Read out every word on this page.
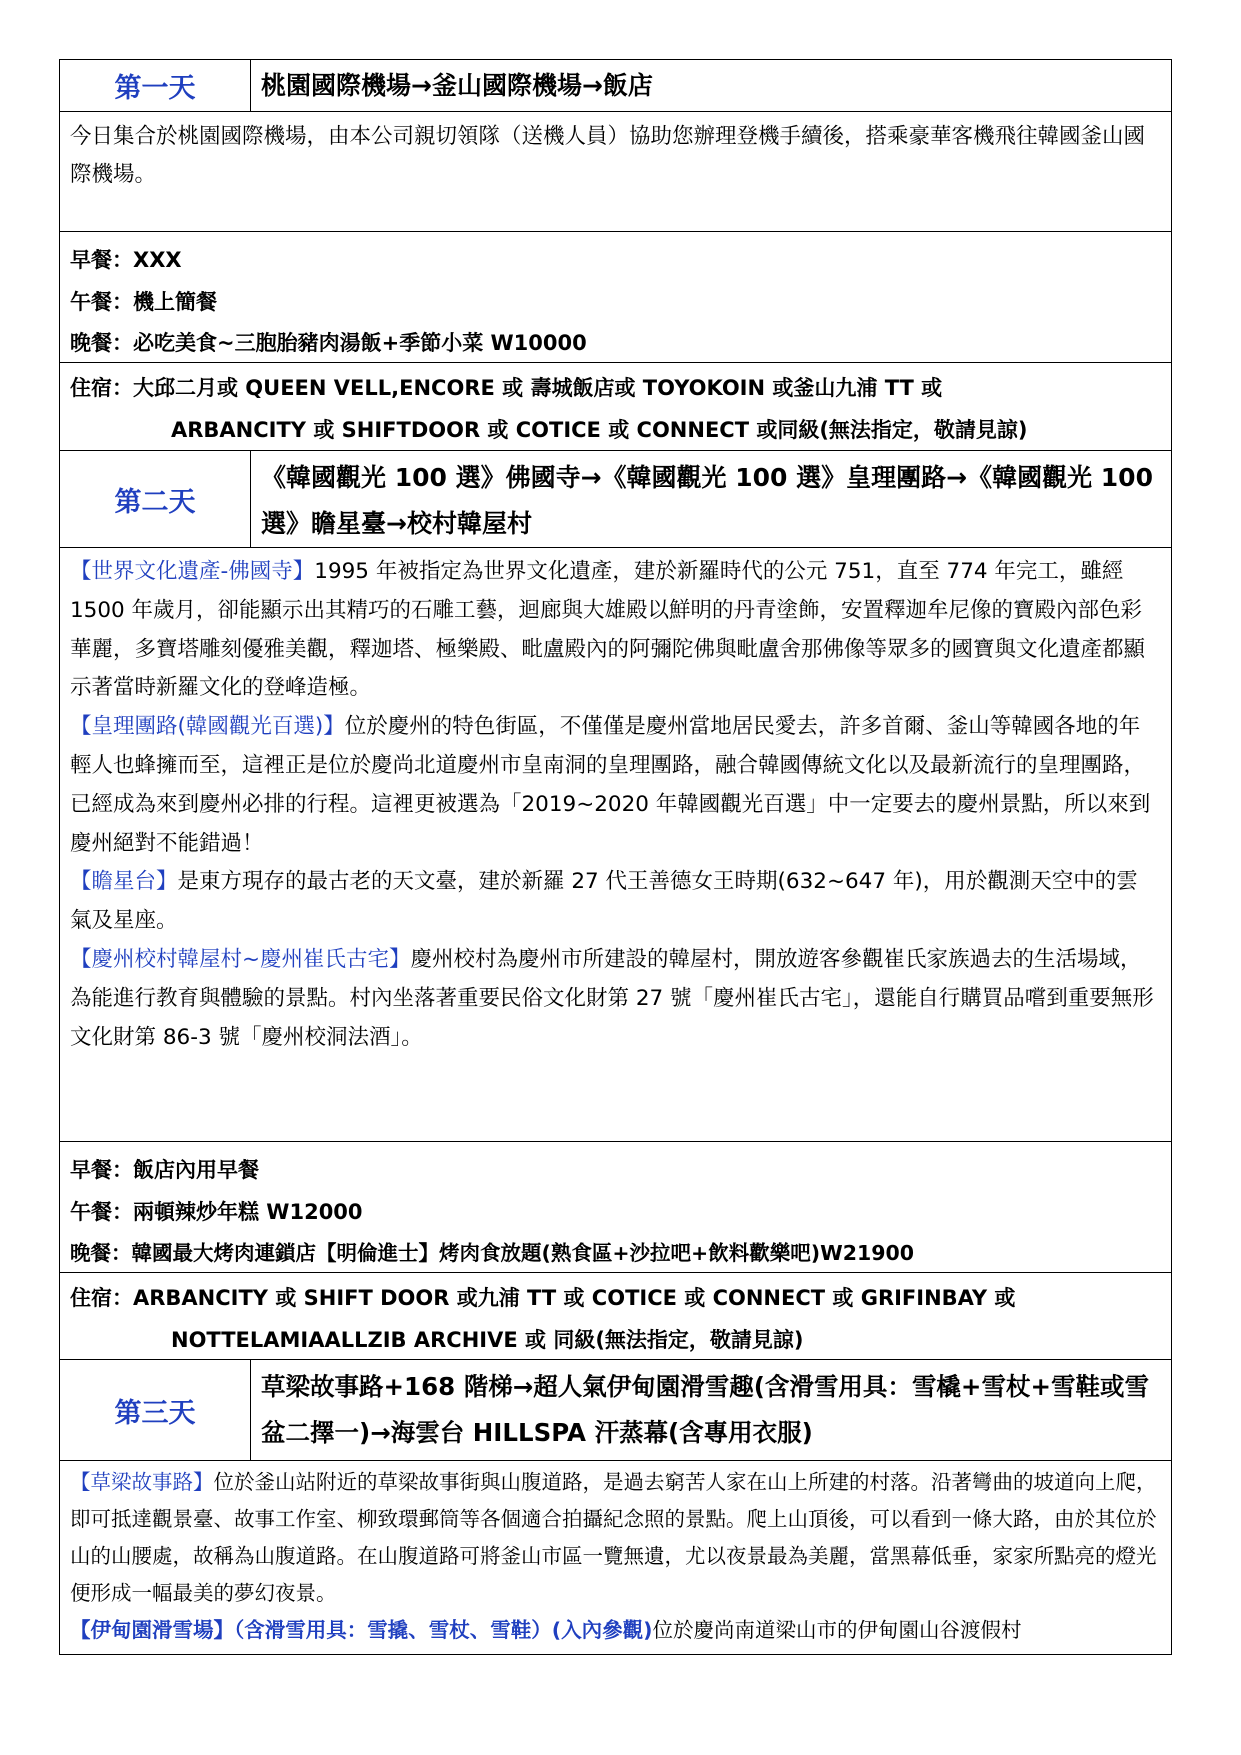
第一天	桃園國際機場→釜山國際機場→飯店

今日集合於桃園國際機場，由本公司親切領隊（送機人員）協助您辦理登機手續後，搭乘豪華客機飛往韓國釜山國際機場。

早餐：XXX
午餐：機上簡餐
晚餐：必吃美食~三胞胎豬肉湯飯+季節小菜 W10000
住宿：大邱二月或 QUEEN VELL,ENCORE 或 壽城飯店或 TOYOKOIN 或釜山九浦 TT 或
ARBANCITY 或 SHIFTDOOR 或 COTICE 或 CONNECT 或同級(無法指定，敬請見諒)
第二天
《韓國觀光 100 選》佛國寺→《韓國觀光 100 選》皇理團路→《韓國觀光 100 選》瞻星臺→校村韓屋村

【世界文化遺產-佛國寺】1995 年被指定為世界文化遺產，建於新羅時代的公元 751，直至 774 年完工，雖經 1500 年歲月，卻能顯示出其精巧的石雕工藝，迴廊與大雄殿以鮮明的丹青塗飾，安置釋迦牟尼像的寶殿內部色彩華麗，多寶塔雕刻優雅美觀，釋迦塔、極樂殿、毗盧殿內的阿彌陀佛與毗盧舍那佛像等眾多的國寶與文化遺產都顯示著當時新羅文化的登峰造極。

【皇理團路(韓國觀光百選)】位於慶州的特色街區，不僅僅是慶州當地居民愛去，許多首爾、釜山等韓國各地的年輕人也蜂擁而至，這裡正是位於慶尚北道慶州市皇南洞的皇理團路，融合韓國傳統文化以及最新流行的皇理團路，已經成為來到慶州必排的行程。這裡更被選為「2019~2020 年韓國觀光百選」中一定要去的慶州景點，所以來到慶州絕對不能錯過！

【瞻星台】是東方現存的最古老的天文臺，建於新羅 27 代王善德女王時期(632~647 年)，用於觀測天空中的雲氣及星座。

【慶州校村韓屋村~慶州崔氏古宅】慶州校村為慶州市所建設的韓屋村，開放遊客參觀崔氏家族過去的生活場域，為能進行教育與體驗的景點。村內坐落著重要民俗文化財第 27 號「慶州崔氏古宅」，還能自行購買品嚐到重要無形文化財第 86-3 號「慶州校洞法酒」。

早餐：飯店內用早餐
午餐：兩頓辣炒年糕 W12000
晚餐：韓國最大烤肉連鎖店【明倫進士】烤肉食放題(熟食區+沙拉吧+飲料歡樂吧)W21900
住宿：ARBANCITY 或 SHIFT DOOR 或九浦 TT 或 COTICE 或 CONNECT 或 GRIFINBAY 或
NOTTELAMIAALLZIB ARCHIVE 或 同級(無法指定，敬請見諒)
第三天
草梁故事路+168 階梯→超人氣伊甸園滑雪趣(含滑雪用具：雪橇+雪杖+雪鞋或雪盆二擇一)→海雲台 HILLSPA 汗蒸幕(含專用衣服)

【草梁故事路】位於釜山站附近的草梁故事街與山腹道路，是過去窮苦人家在山上所建的村落。沿著彎曲的坡道向上爬，即可抵達觀景臺、故事工作室、柳致環郵筒等各個適合拍攝紀念照的景點。爬上山頂後，可以看到一條大路，由於其位於山的山腰處，故稱為山腹道路。在山腹道路可將釜山市區一覽無遺，尤以夜景最為美麗，當黑幕低垂，家家所點亮的燈光便形成一幅最美的夢幻夜景。

【伊甸園滑雪場】（含滑雪用具：雪撬、雪杖、雪鞋）(入內參觀)位於慶尚南道梁山市的伊甸園山谷渡假村
